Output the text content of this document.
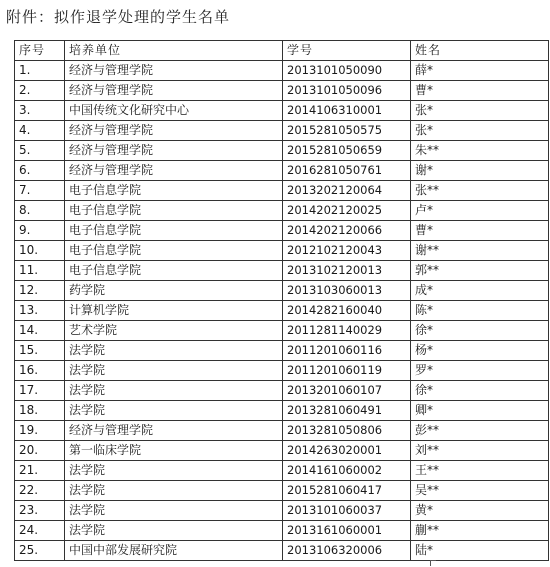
附件：拟作退学处理的学生名单
序号	培养单位	学号	姓名
1.	经济与管理学院	2013101050090	薛*
2.	经济与管理学院	2013101050096	曹*
3.	中国传统文化研究中心	2014106310001	张*
4.	经济与管理学院	2015281050575	张*
5.	经济与管理学院	2015281050659	朱**
6.	经济与管理学院	2016281050761	谢*
7.	电子信息学院	2013202120064	张**
8.	电子信息学院	2014202120025	卢*
9.	电子信息学院	2014202120066	曹*
10.	电子信息学院	2012102120043	谢**
11.	电子信息学院	2013102120013	郭**
12.	药学院	2013103060013	成*
13.	计算机学院	2014282160040	陈*
14.	艺术学院	2011281140029	徐*
15.	法学院	2011201060116	杨*
16.	法学院	2011201060119	罗*
17.	法学院	2013201060107	徐*
18.	法学院	2013281060491	卿*
19.	经济与管理学院	2013281050806	彭**
20.	第一临床学院	2014263020001	刘**
21.	法学院	2014161060002	王**
22.	法学院	2015281060417	吴**
23.	法学院	2013101060037	黄*
24.	法学院	2013161060001	蒯**
25.	中国中部发展研究院	2013106320006	陆*
